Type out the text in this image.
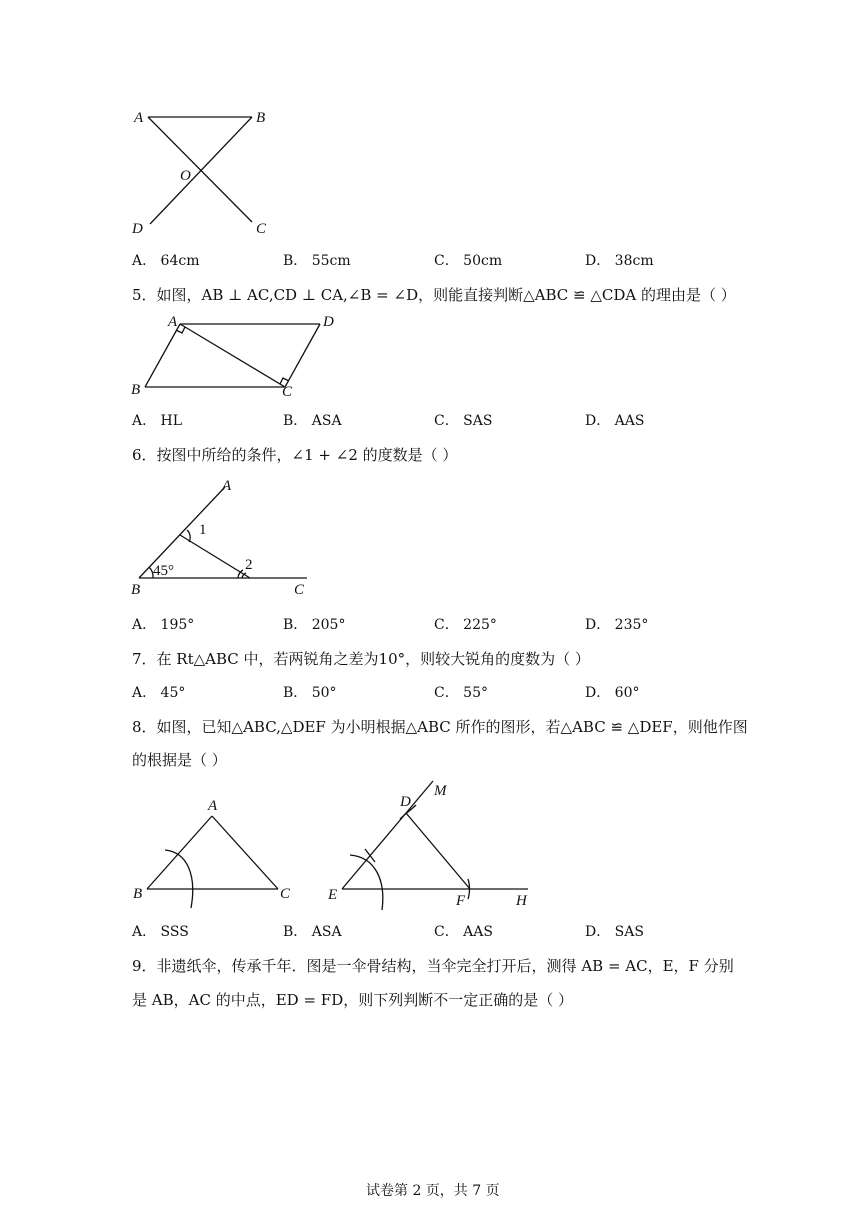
A	B
O
D	C
A． 64cm	B． 55cm	C． 50cm	D． 38cm
5．如图，AB ⊥ AC,CD ⊥ CA,∠B = ∠D，则能直接判断△ABC ≌ △CDA 的理由是（ ）
A	D
B	C
A． HL	B． ASA	C． SAS	D． AAS
6．按图中所给的条件，∠1 + ∠2 的度数是（ ）
A
1
2
45°
B	C
A． 195°	B． 205°	C． 225°	D． 235°
7．在 Rt△ABC 中，若两锐角之差为10°，则较大锐角的度数为（ ）
A． 45°	B． 50°	C． 55°	D． 60°
8．如图，已知△ABC,△DEF 为小明根据△ABC 所作的图形，若△ABC ≌ △DEF，则他作图
的根据是（ ）
A
B	C
D
M
E	F	H
A． SSS	B． ASA	C． AAS	D． SAS
9．非遗纸伞，传承千年．图是一伞骨结构，当伞完全打开后，测得 AB = AC，E，F 分别
是 AB，AC 的中点，ED = FD，则下列判断不一定正确的是（ ）
试卷第 2 页，共 7 页
